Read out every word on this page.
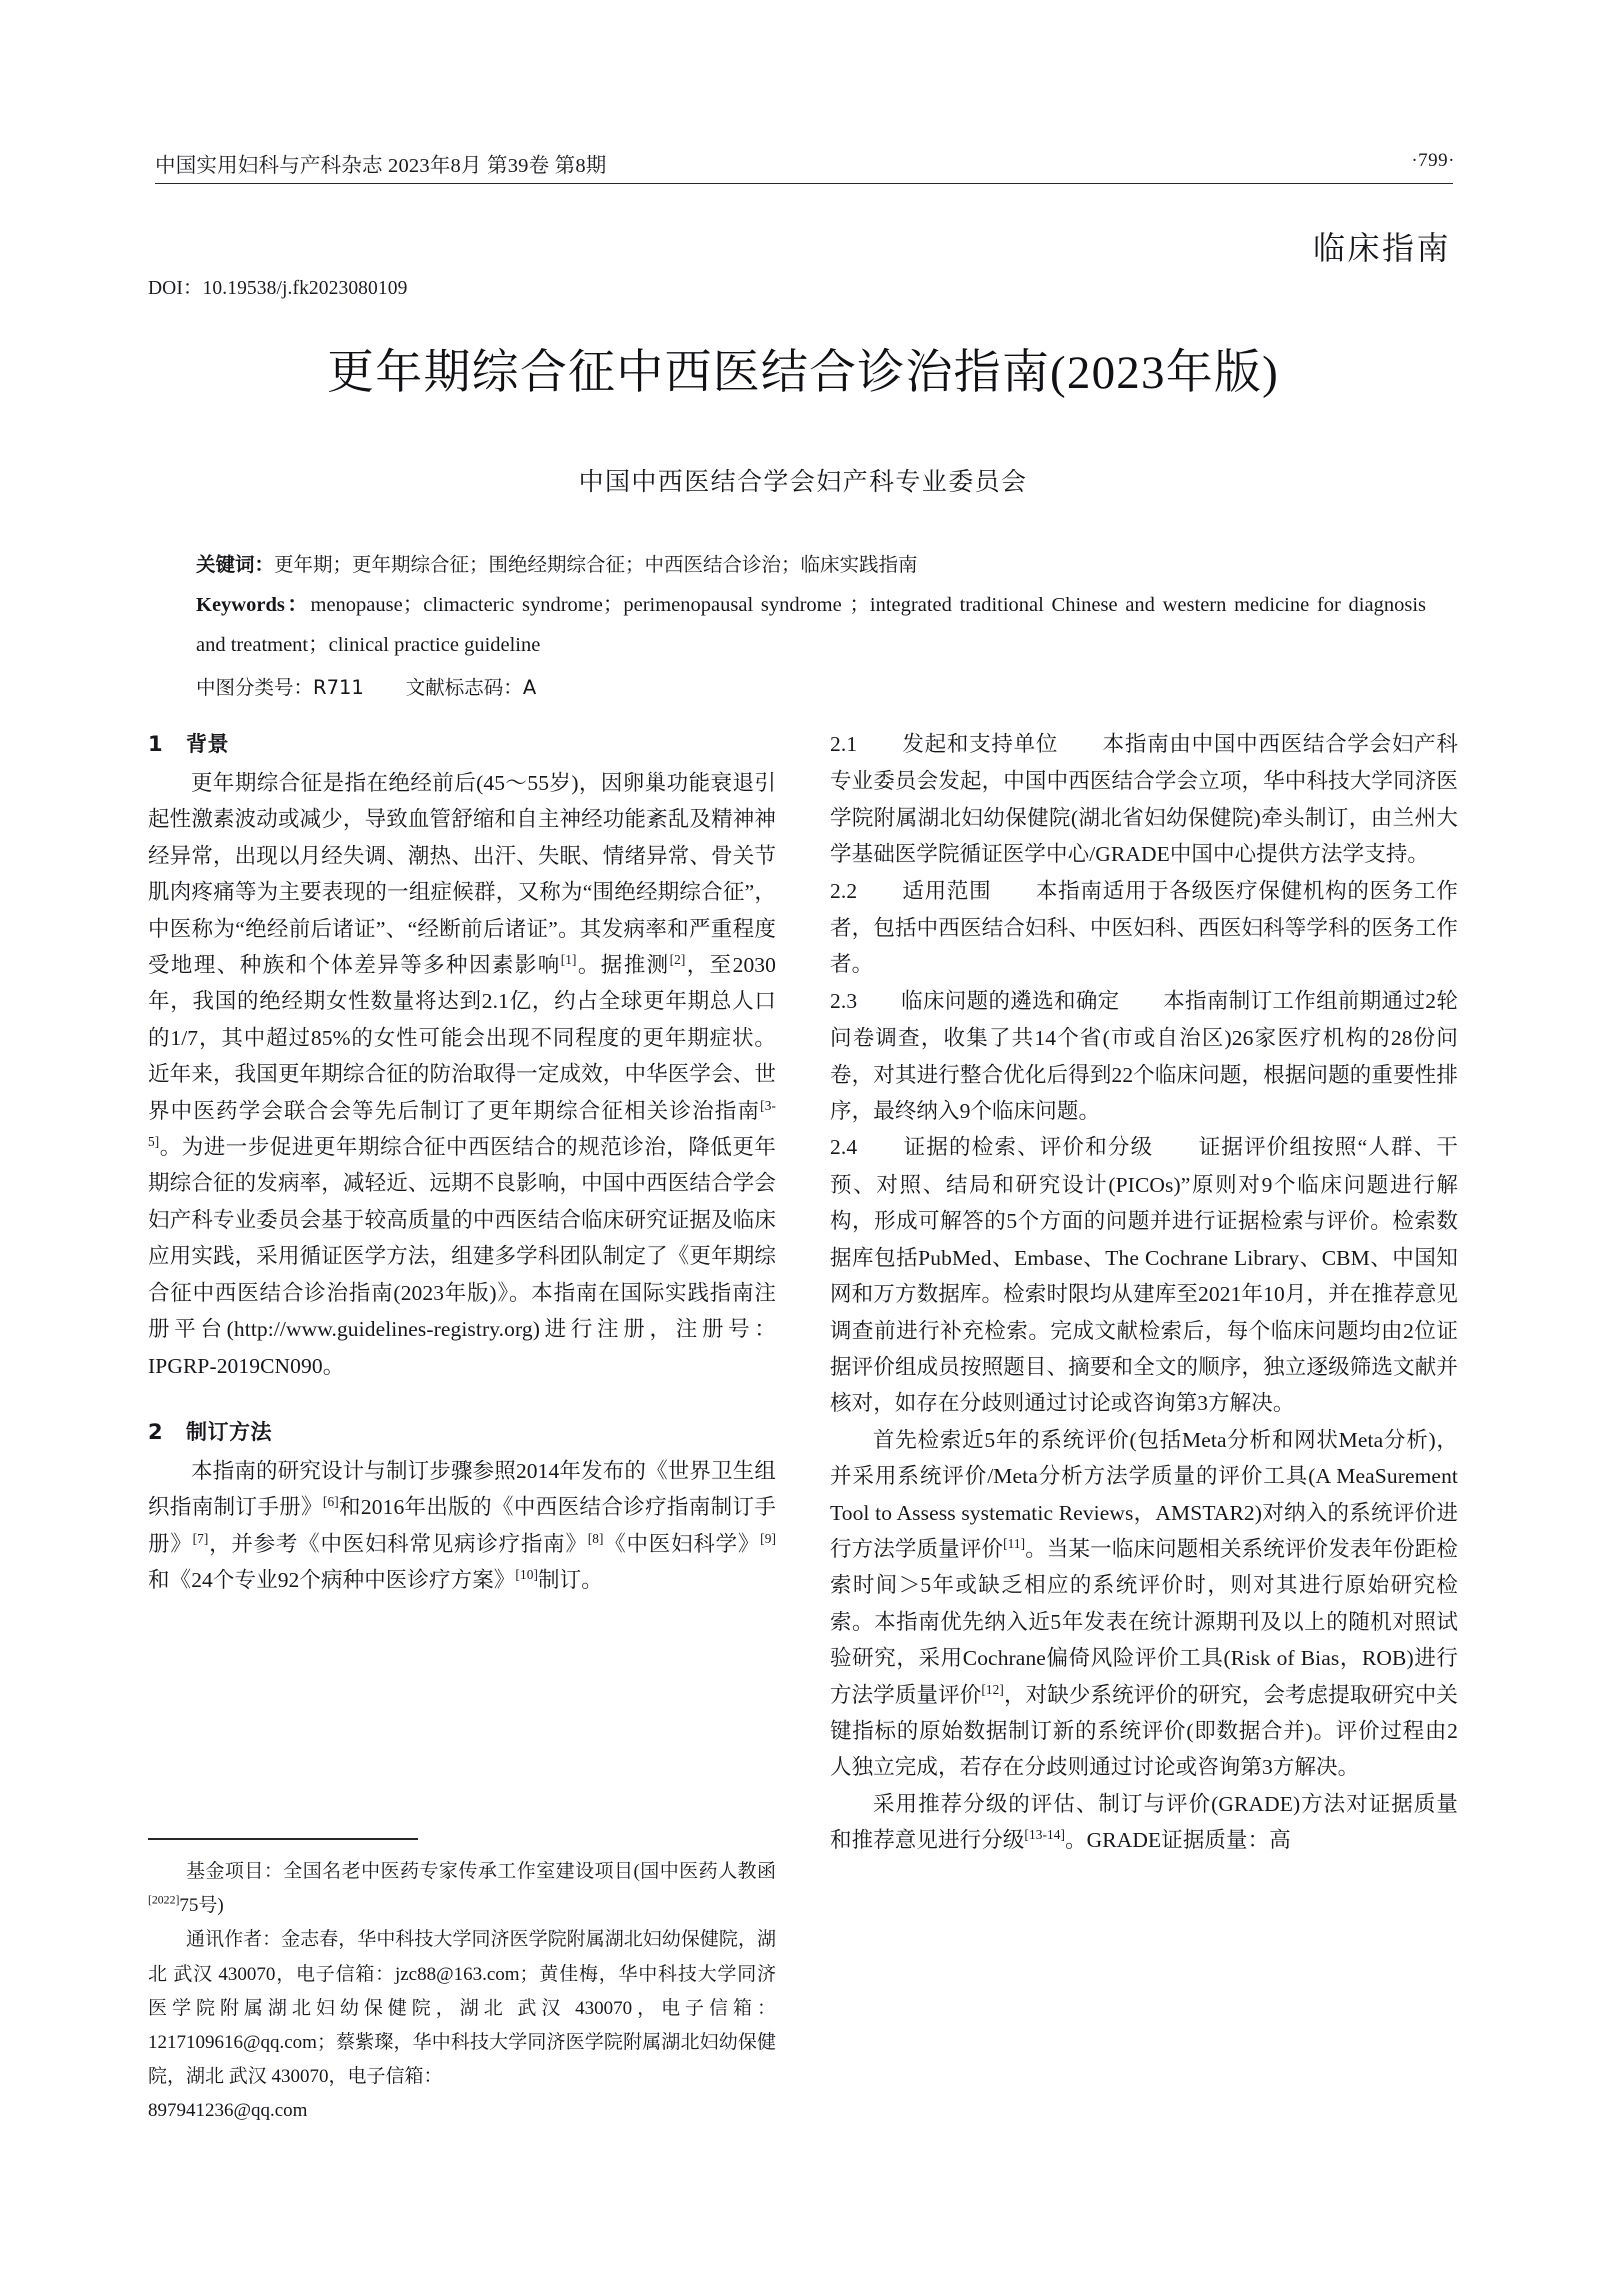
中国实用妇科与产科杂志 2023年8月 第39卷 第8期	·799·
临床指南
DOI：10.19538/j.fk2023080109
更年期综合征中西医结合诊治指南(2023年版)
中国中西医结合学会妇产科专业委员会
关键词：更年期；更年期综合征；围绝经期综合征；中西医结合诊治；临床实践指南
Keywords：menopause；climacteric syndrome；perimenopausal syndrome ；integrated traditional Chinese and western medicine for diagnosis and treatment；clinical practice guideline
中图分类号：R711 文献标志码：A
1 背景

更年期综合征是指在绝经前后(45～55岁)，因卵巢功能衰退引起性激素波动或减少，导致血管舒缩和自主神经功能紊乱及精神神经异常，出现以月经失调、潮热、出汗、失眠、情绪异常、骨关节肌肉疼痛等为主要表现的一组症候群，又称为“围绝经期综合征”，中医称为“绝经前后诸证”、“经断前后诸证”。其发病率和严重程度受地理、种族和个体差异等多种因素影响[1]。据推测[2]，至2030年，我国的绝经期女性数量将达到2.1亿，约占全球更年期总人口的1/7，其中超过85%的女性可能会出现不同程度的更年期症状。近年来，我国更年期综合征的防治取得一定成效，中华医学会、世界中医药学会联合会等先后制订了更年期综合征相关诊治指南[3-5]。为进一步促进更年期综合征中西医结合的规范诊治，降低更年期综合征的发病率，减轻近、远期不良影响，中国中西医结合学会妇产科专业委员会基于较高质量的中西医结合临床研究证据及临床应用实践，采用循证医学方法，组建多学科团队制定了《更年期综合征中西医结合诊治指南(2023年版)》。本指南在国际实践指南注册平台(http://www.guidelines-registry.org)进行注册，注册号：IPGRP-2019CN090。

2 制订方法

本指南的研究设计与制订步骤参照2014年发布的《世界卫生组织指南制订手册》[6]和2016年出版的《中西医结合诊疗指南制订手册》[7]，并参考《中医妇科常见病诊疗指南》[8]《中医妇科学》[9]和《24个专业92个病种中医诊疗方案》[10]制订。

2.1　　 发起和支持单位　　 本指南由中国中西医结合学会妇产科专业委员会发起，中国中西医结合学会立项，华中科技大学同济医学院附属湖北妇幼保健院(湖北省妇幼保健院)牵头制订，由兰州大学基础医学院循证医学中心/GRADE中国中心提供方法学支持。

2.2　　 适用范围　　 本指南适用于各级医疗保健机构的医务工作者，包括中西医结合妇科、中医妇科、西医妇科等学科的医务工作者。

2.3　　 临床问题的遴选和确定　　 本指南制订工作组前期通过2轮问卷调查，收集了共14个省(市或自治区)26家医疗机构的28份问卷，对其进行整合优化后得到22个临床问题，根据问题的重要性排序，最终纳入9个临床问题。

2.4　　 证据的检索、评价和分级　　 证据评价组按照“人群、干预、对照、结局和研究设计(PICOs)”原则对9个临床问题进行解构，形成可解答的5个方面的问题并进行证据检索与评价。检索数据库包括PubMed、Embase、The Cochrane Library、CBM、中国知网和万方数据库。检索时限均从建库至2021年10月，并在推荐意见调查前进行补充检索。完成文献检索后，每个临床问题均由2位证据评价组成员按照题目、摘要和全文的顺序，独立逐级筛选文献并核对，如存在分歧则通过讨论或咨询第3方解决。

首先检索近5年的系统评价(包括Meta分析和网状Meta分析)，并采用系统评价/Meta分析方法学质量的评价工具(A MeaSurement Tool to Assess systematic Reviews，AMSTAR2)对纳入的系统评价进行方法学质量评价[11]。当某一临床问题相关系统评价发表年份距检索时间＞5年或缺乏相应的系统评价时，则对其进行原始研究检索。本指南优先纳入近5年发表在统计源期刊及以上的随机对照试验研究，采用Cochrane偏倚风险评价工具(Risk of Bias，ROB)进行方法学质量评价[12]，对缺少系统评价的研究，会考虑提取研究中关键指标的原始数据制订新的系统评价(即数据合并)。评价过程由2人独立完成，若存在分歧则通过讨论或咨询第3方解决。

采用推荐分级的评估、制订与评价(GRADE)方法对证据质量和推荐意见进行分级[13-14]。GRADE证据质量：高

基金项目：全国名老中医药专家传承工作室建设项目(国中医药人教函[2022]75号)

通讯作者：金志春，华中科技大学同济医学院附属湖北妇幼保健院，湖北 武汉 430070，电子信箱：jzc88@163.com；黄佳梅，华中科技大学同济医学院附属湖北妇幼保健院，湖北 武汉 430070，电子信箱：1217109616@qq.com；蔡紫璨，华中科技大学同济医学院附属湖北妇幼保健院，湖北 武汉 430070，电子信箱：

897941236@qq.com
